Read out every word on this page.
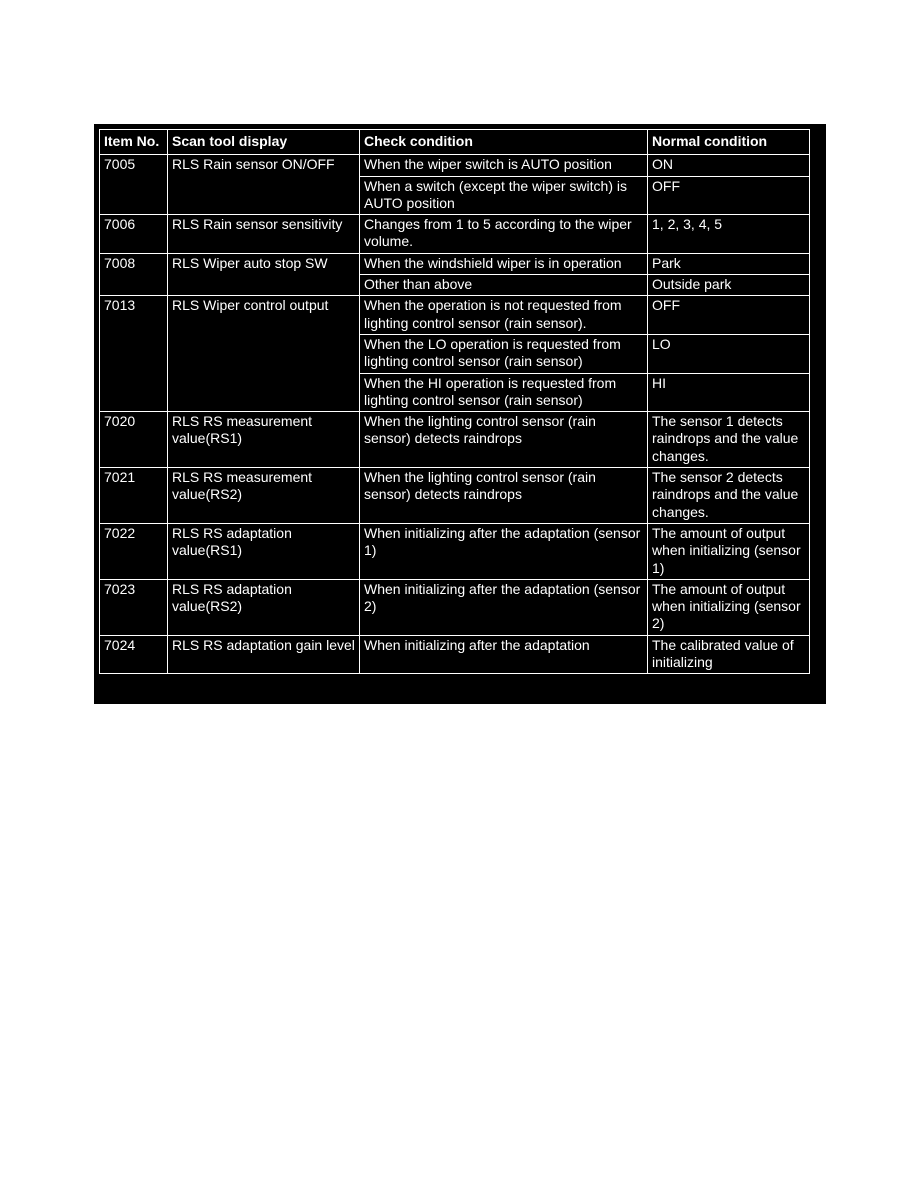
Item No.	Scan tool display	Check condition	Normal condition
7005	RLS Rain sensor ON/OFF	When the wiper switch is AUTO position	ON
		When a switch (except the wiper switch) is AUTO position	OFF
7006	RLS Rain sensor sensitivity	Changes from 1 to 5 according to the wiper volume.	1, 2, 3, 4, 5
7008	RLS Wiper auto stop SW	When the windshield wiper is in operation	Park
		Other than above	Outside park
7013	RLS Wiper control output	When the operation is not requested from lighting control sensor (rain sensor).	OFF
		When the LO operation is requested from lighting control sensor (rain sensor)	LO
		When the HI operation is requested from lighting control sensor (rain sensor)	HI
7020	RLS RS measurement value(RS1)	When the lighting control sensor (rain sensor) detects raindrops	The sensor 1 detects raindrops and the value changes.
7021	RLS RS measurement value(RS2)	When the lighting control sensor (rain sensor) detects raindrops	The sensor 2 detects raindrops and the value changes.
7022	RLS RS adaptation value(RS1)	When initializing after the adaptation (sensor 1)	The amount of output when initializing (sensor 1)
7023	RLS RS adaptation value(RS2)	When initializing after the adaptation (sensor 2)	The amount of output when initializing (sensor 2)
7024	RLS RS adaptation gain level	When initializing after the adaptation	The calibrated value of initializing
